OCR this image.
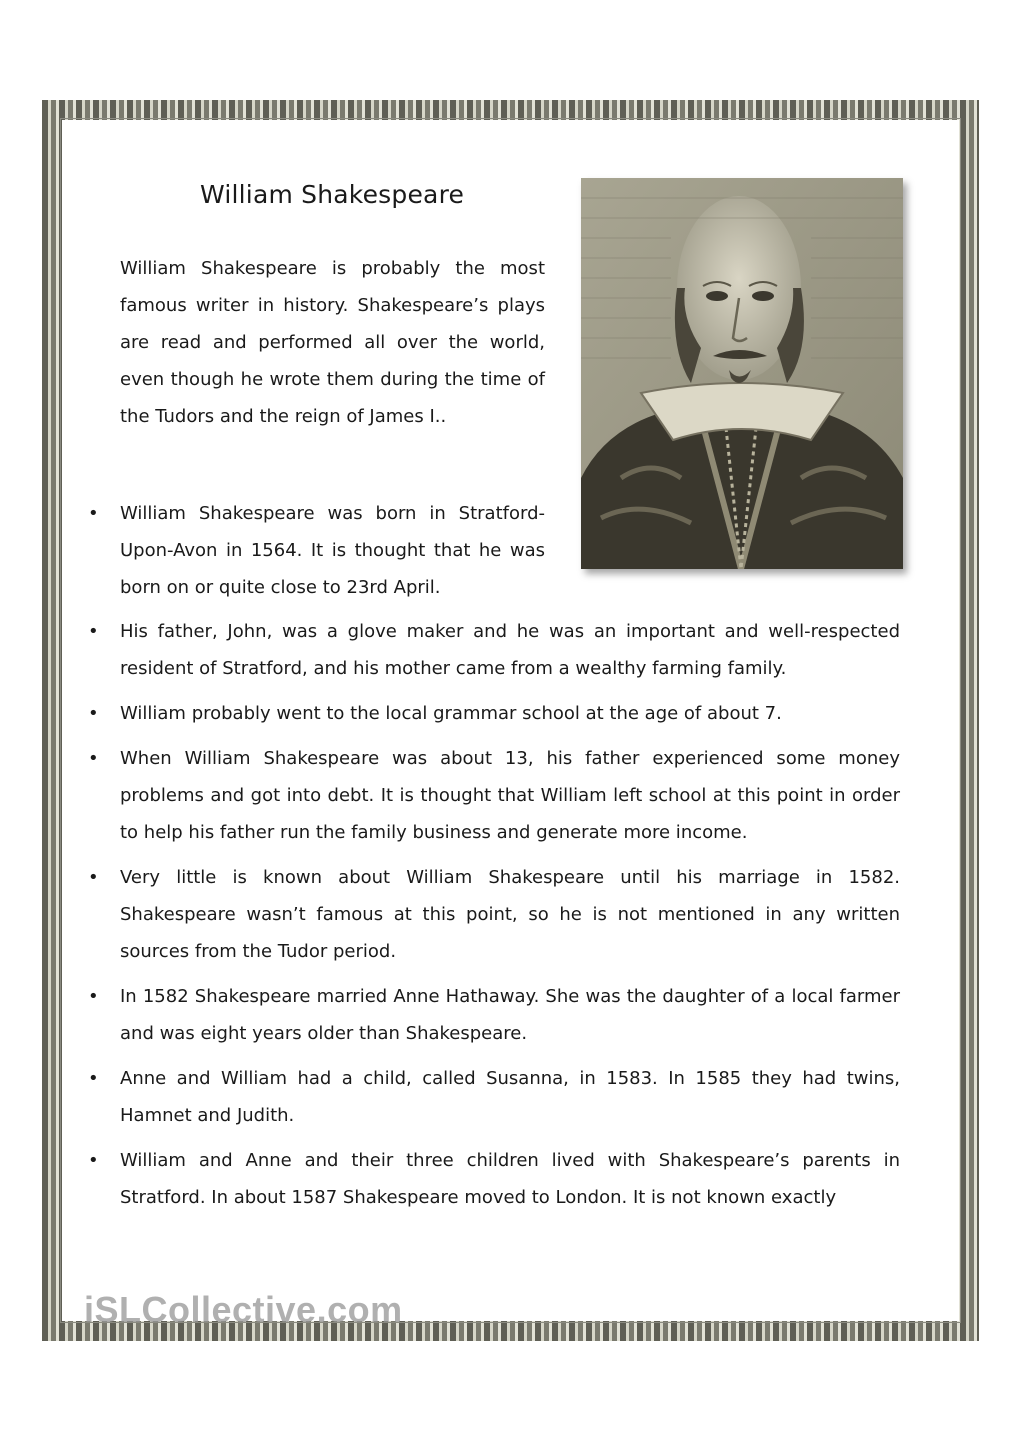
William Shakespeare

William Shakespeare is probably the most famous writer in history. Shakespeare’s plays are read and performed all over the world, even though he wrote them during the time of the Tudors and the reign of James I..

• William Shakespeare was born in Stratford-Upon-Avon in 1564. It is thought that he was born on or quite close to 23rd April.
• His father, John, was a glove maker and he was an important and well-respected resident of Stratford, and his mother came from a wealthy farming family.
• William probably went to the local grammar school at the age of about 7.
• When William Shakespeare was about 13, his father experienced some money problems and got into debt. It is thought that William left school at this point in order to help his father run the family business and generate more income.
• Very little is known about William Shakespeare until his marriage in 1582. Shakespeare wasn’t famous at this point, so he is not mentioned in any written sources from the Tudor period.
• In 1582 Shakespeare married Anne Hathaway. She was the daughter of a local farmer and was eight years older than Shakespeare.
• Anne and William had a child, called Susanna, in 1583. In 1585 they had twins, Hamnet and Judith.
• William and Anne and their three children lived with Shakespeare’s parents in Stratford. In about 1587 Shakespeare moved to London. It is not known exactly
iSLCollective.com
